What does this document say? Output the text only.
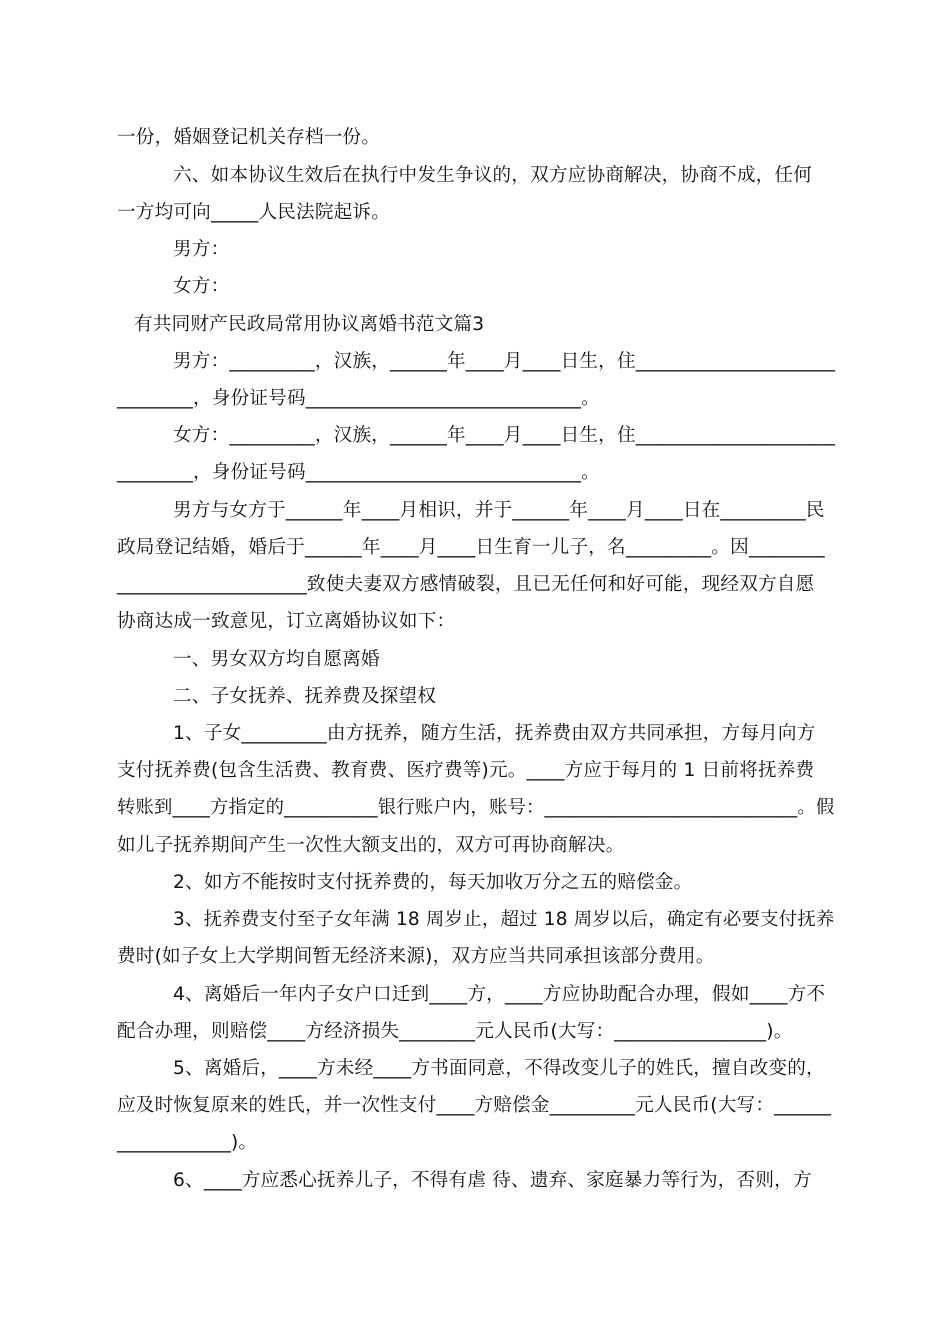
一份，婚姻登记机关存档一份。
六、如本协议生效后在执行中发生争议的，双方应协商解决，协商不成，任何
一方均可向_____人民法院起诉。
男方：
女方：
有共同财产民政局常用协议离婚书范文篇3
男方：_________，汉族，______年____月____日生，住_____________________
________，身份证号码_____________________________。
女方：_________，汉族，______年____月____日生，住_____________________
________，身份证号码_____________________________。
男方与女方于______年____月相识，并于______年____月____日在_________民
政局登记结婚，婚后于______年____月____日生育一儿子，名_________。因________
____________________致使夫妻双方感情破裂，且已无任何和好可能，现经双方自愿
协商达成一致意见，订立离婚协议如下：
一、男女双方均自愿离婚
二、子女抚养、抚养费及探望权
1、子女_________由方抚养，随方生活，抚养费由双方共同承担，方每月向方
支付抚养费(包含生活费、教育费、医疗费等)元。____方应于每月的 1 日前将抚养费
转账到____方指定的__________银行账户内，账号：___________________________。假
如儿子抚养期间产生一次性大额支出的，双方可再协商解决。
2、如方不能按时支付抚养费的，每天加收万分之五的赔偿金。
3、抚养费支付至子女年满 18 周岁止，超过 18 周岁以后，确定有必要支付抚养
费时(如子女上大学期间暂无经济来源)，双方应当共同承担该部分费用。
4、离婚后一年内子女户口迁到____方，____方应协助配合办理，假如____方不
配合办理，则赔偿____方经济损失________元人民币(大写：________________)。
5、离婚后，____方未经____方书面同意，不得改变儿子的姓氏，擅自改变的，
应及时恢复原来的姓氏，并一次性支付____方赔偿金_________元人民币(大写：______
____________)。
6、____方应悉心抚养儿子，不得有虐 待、遗弃、家庭暴力等行为，否则，方
